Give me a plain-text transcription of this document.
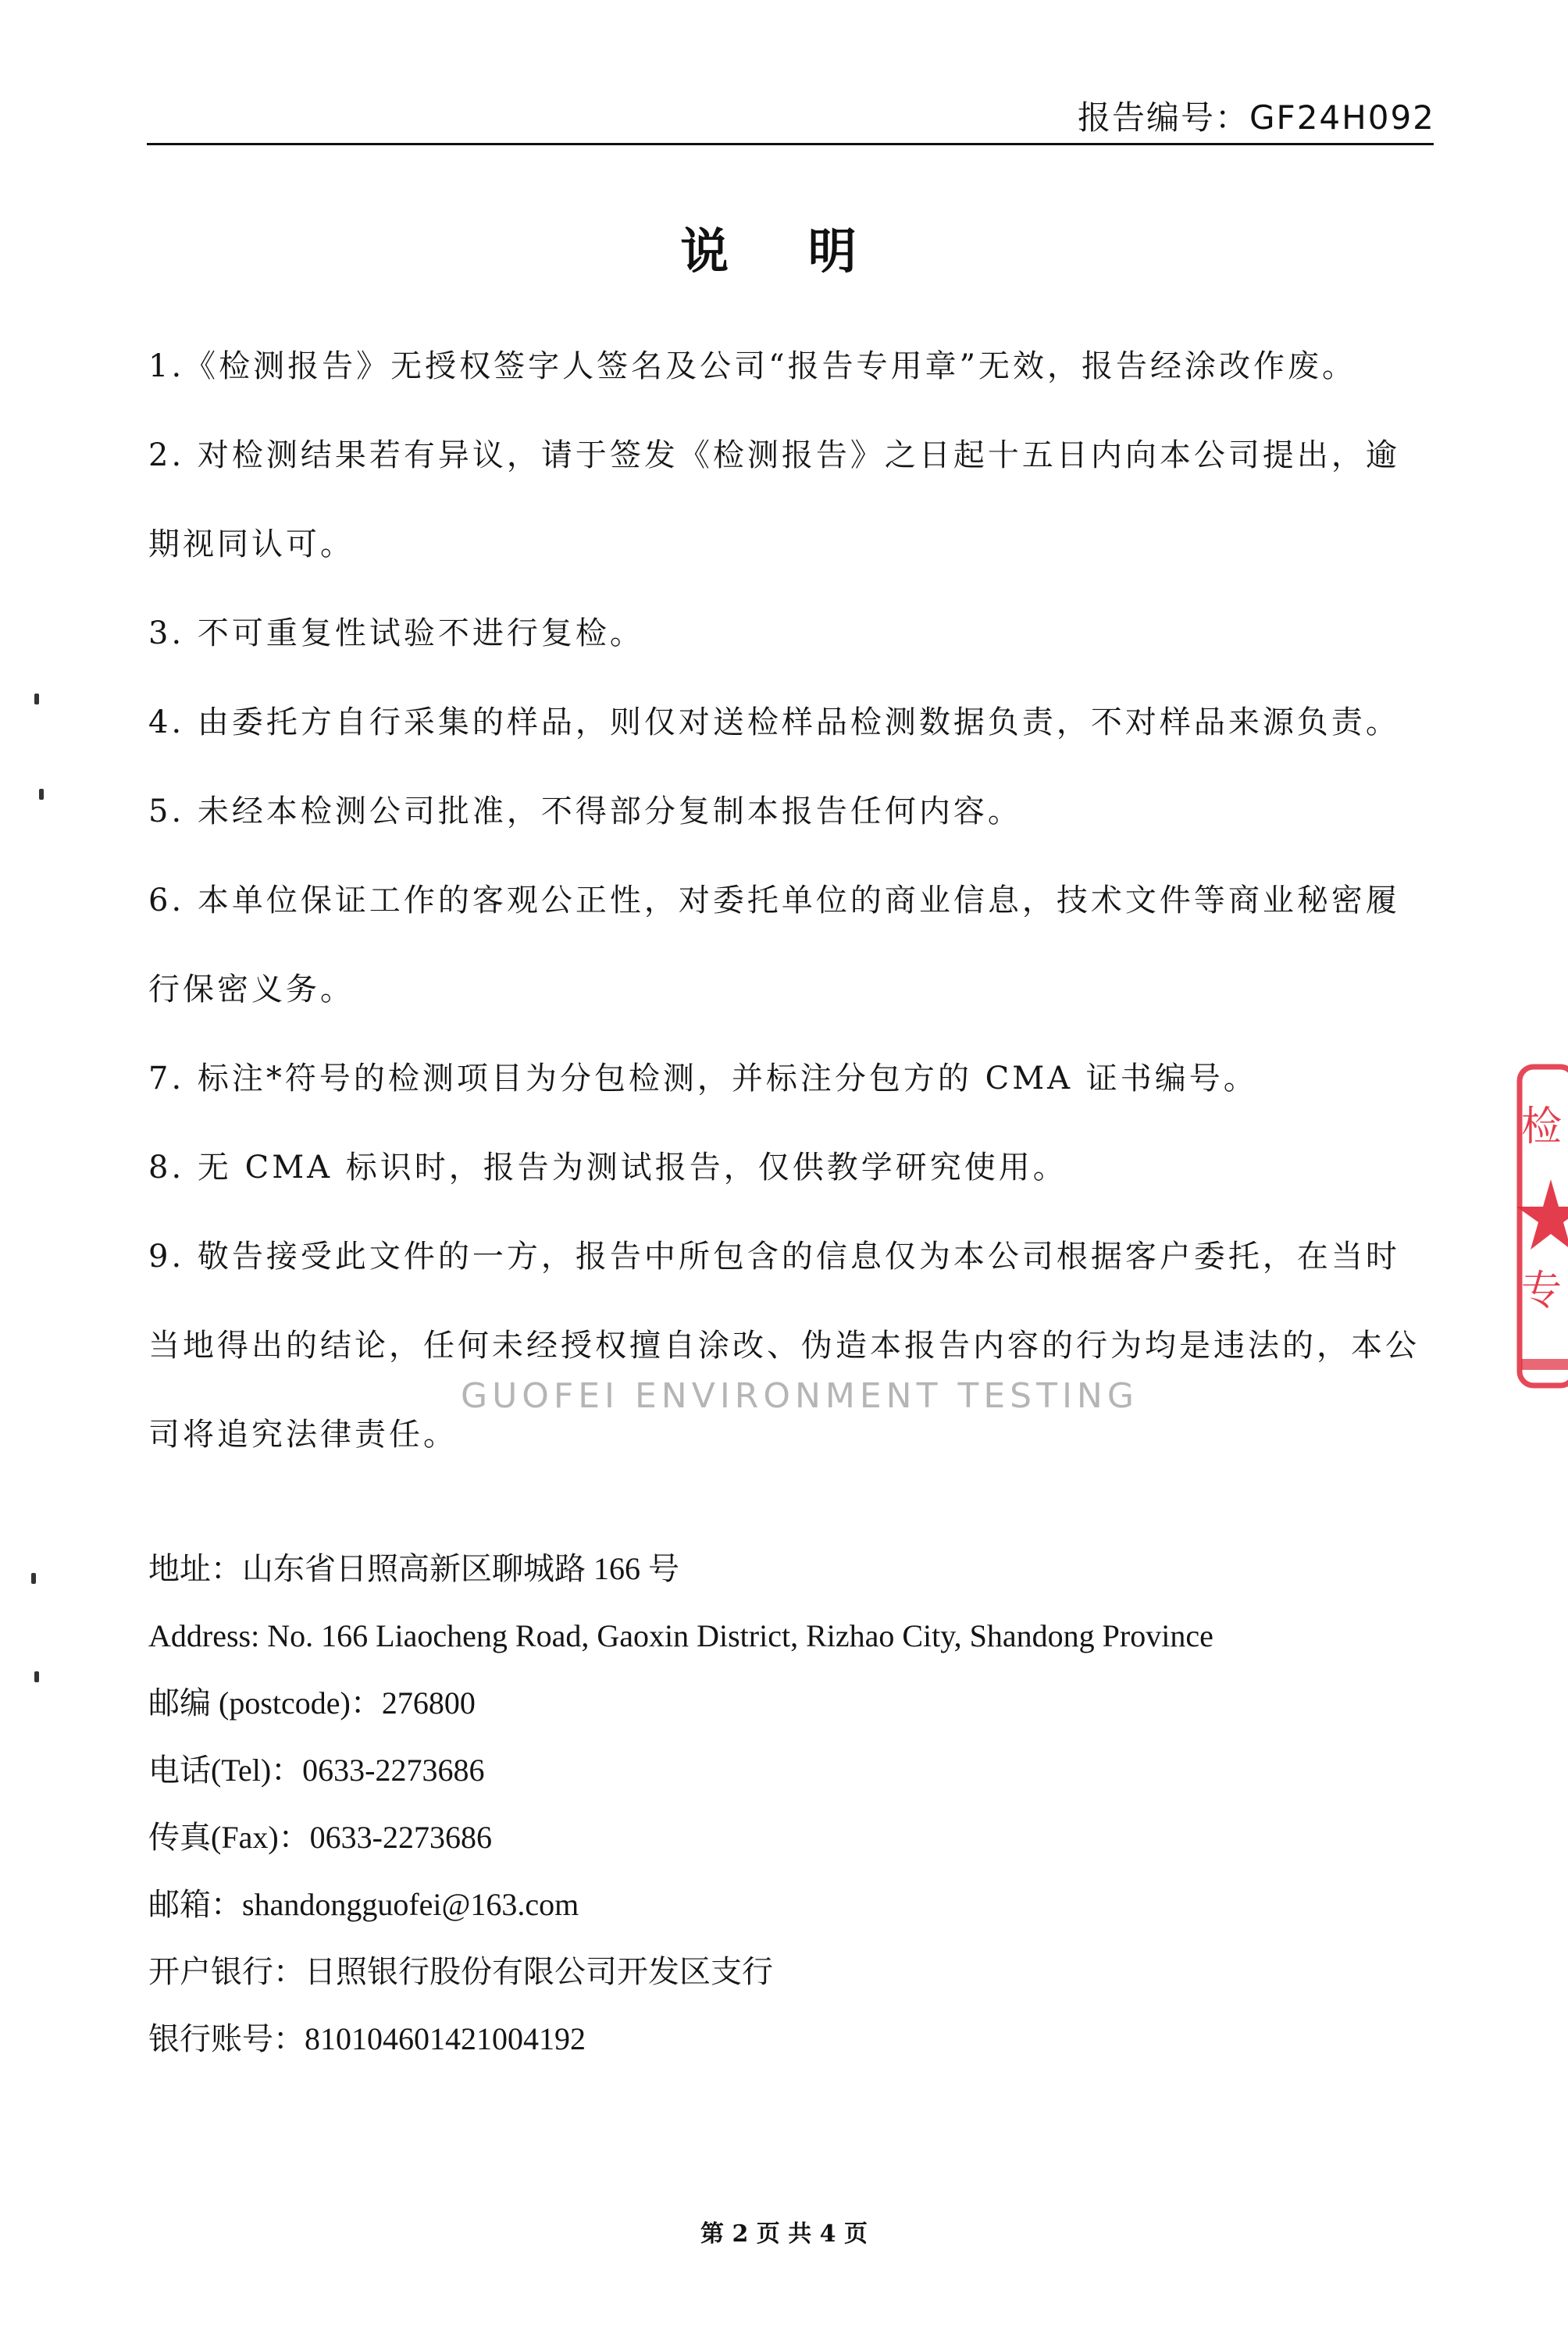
报告编号：GF24H092
说 明
1.《检测报告》无授权签字人签名及公司“报告专用章”无效，报告经涂改作废。
2. 对检测结果若有异议，请于签发《检测报告》之日起十五日内向本公司提出，逾
期视同认可。
3. 不可重复性试验不进行复检。
4. 由委托方自行采集的样品，则仅对送检样品检测数据负责，不对样品来源负责。
5. 未经本检测公司批准，不得部分复制本报告任何内容。
6. 本单位保证工作的客观公正性，对委托单位的商业信息，技术文件等商业秘密履
行保密义务。
7. 标注*符号的检测项目为分包检测，并标注分包方的 CMA 证书编号。
8. 无 CMA 标识时，报告为测试报告，仅供教学研究使用。
9. 敬告接受此文件的一方，报告中所包含的信息仅为本公司根据客户委托，在当时
当地得出的结论，任何未经授权擅自涂改、伪造本报告内容的行为均是违法的，本公
司将追究法律责任。
GUOFEI ENVIRONMENT TESTING
地址：山东省日照高新区聊城路 166 号
Address: No. 166 Liaocheng Road, Gaoxin District, Rizhao City, Shandong Province
邮编 (postcode)：276800
电话(Tel)：0633-2273686
传真(Fax)：0633-2273686
邮箱：shandongguofei@163.com
开户银行：日照银行股份有限公司开发区支行
银行账号：810104601421004192
第 2 页 共 4 页
检
专
